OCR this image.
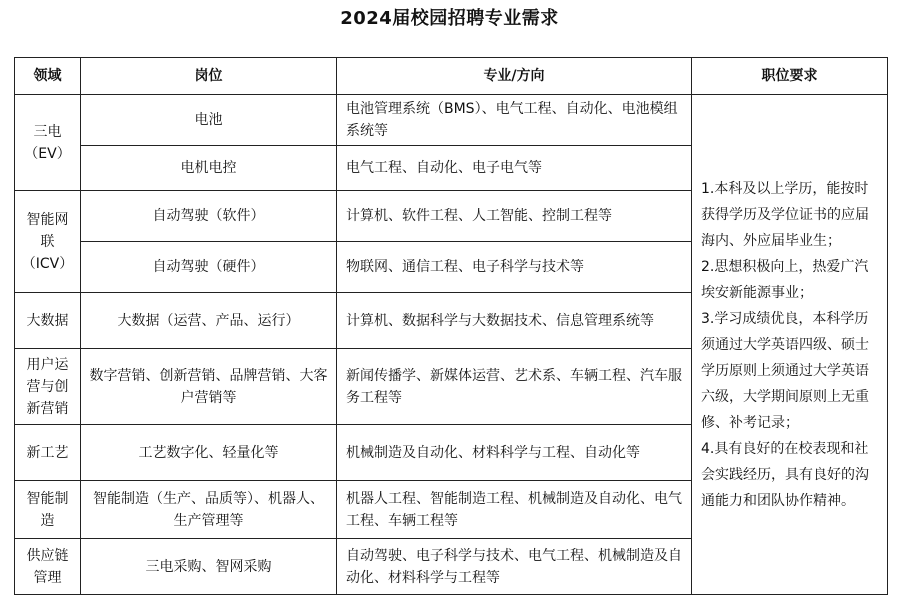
2024届校园招聘专业需求
领域	岗位	专业/方向	职位要求
三电（EV）	电池	电池管理系统（BMS）、电气工程、自动化、电池模组系统等	1.本科及以上学历，能按时获得学历及学位证书的应届海内、外应届毕业生；
2.思想积极向上，热爱广汽埃安新能源事业；
3.学习成绩优良，本科学历须通过大学英语四级、硕士学历原则上须通过大学英语六级，大学期间原则上无重修、补考记录；
4.具有良好的在校表现和社会实践经历，具有良好的沟通能力和团队协作精神。

	电机电控	电气工程、自动化、电子电气等	
智能网联（ICV）	自动驾驶（软件）	计算机、软件工程、人工智能、控制工程等	
	自动驾驶（硬件）	物联网、通信工程、电子科学与技术等	
大数据	大数据（运营、产品、运行）	计算机、数据科学与大数据技术、信息管理系统等	
用户运营与创新营销	数字营销、创新营销、品牌营销、大客户营销等	新闻传播学、新媒体运营、艺术系、车辆工程、汽车服务工程等	
新工艺	工艺数字化、轻量化等	机械制造及自动化、材料科学与工程、自动化等	
智能制造	智能制造（生产、品质等）、机器人、生产管理等	机器人工程、智能制造工程、机械制造及自动化、电气工程、车辆工程等	
供应链管理	三电采购、智网采购	自动驾驶、电子科学与技术、电气工程、机械制造及自动化、材料科学与工程等	
